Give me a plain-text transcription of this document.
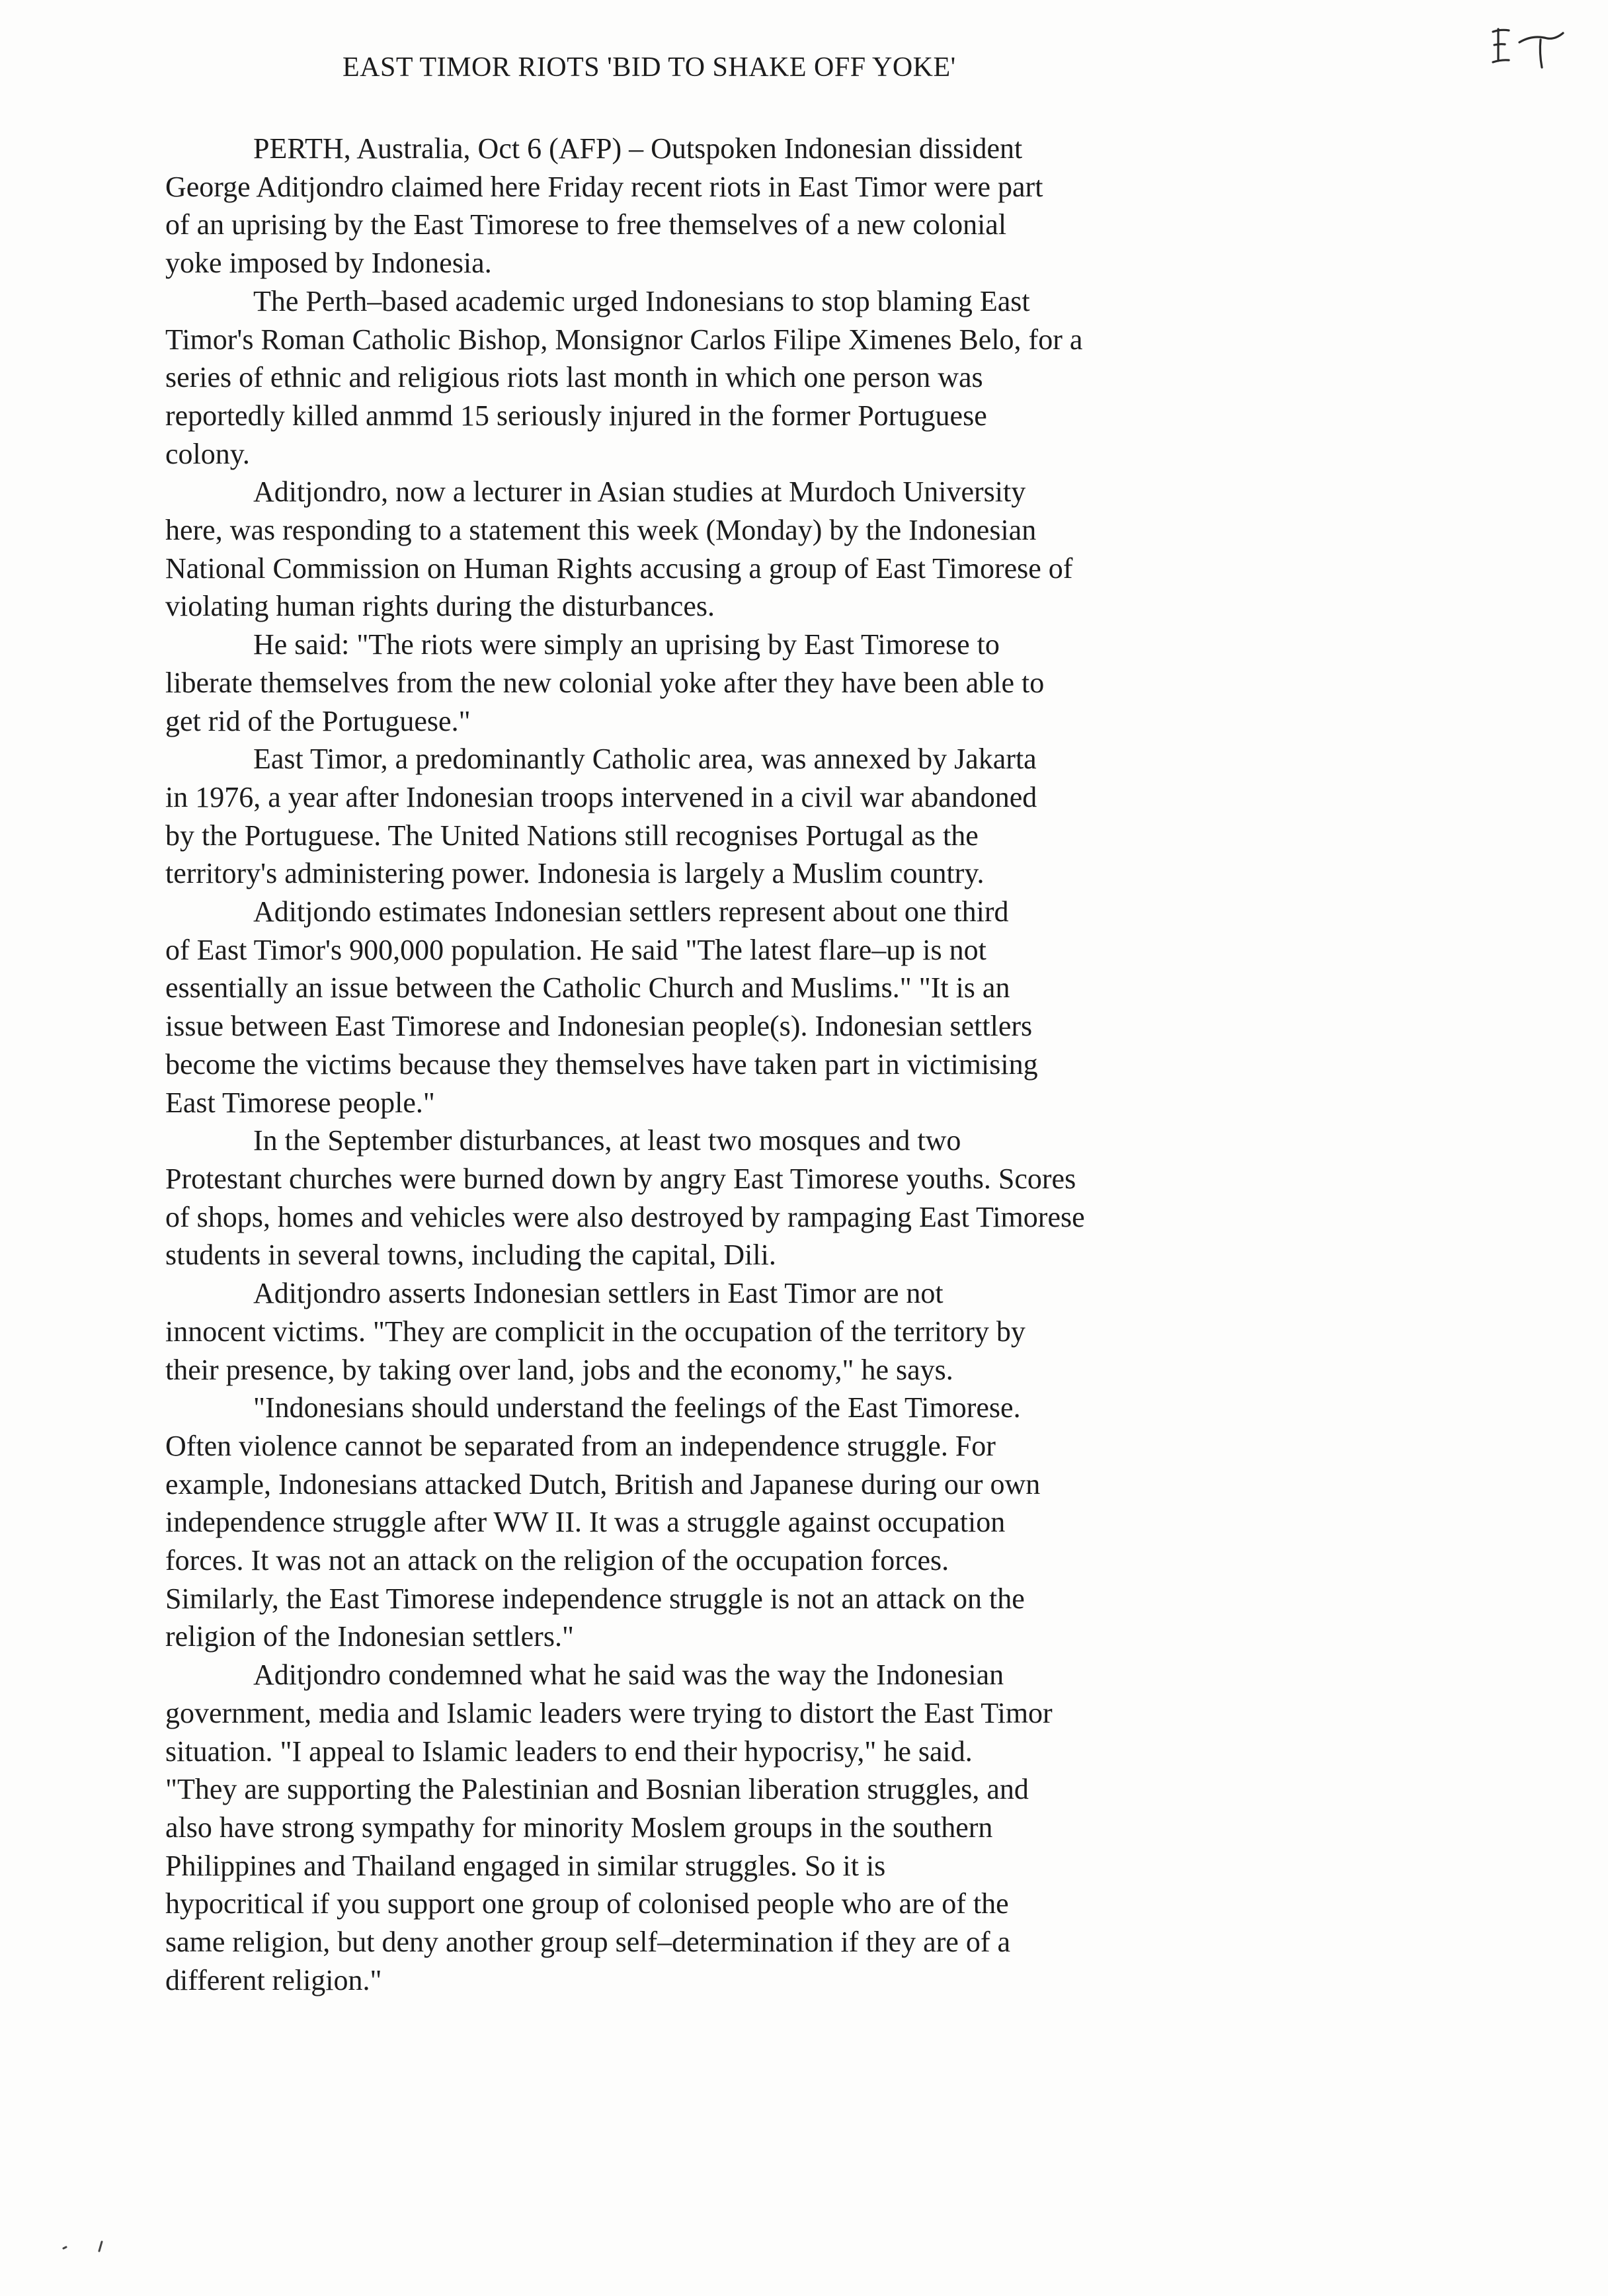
EAST TIMOR RIOTS 'BID TO SHAKE OFF YOKE'

PERTH, Australia, Oct 6 (AFP) – Outspoken Indonesian dissident
George Aditjondro claimed here Friday recent riots in East Timor were part
of an uprising by the East Timorese to free themselves of a new colonial
yoke imposed by Indonesia.

The Perth–based academic urged Indonesians to stop blaming East
Timor's Roman Catholic Bishop, Monsignor Carlos Filipe Ximenes Belo, for a
series of ethnic and religious riots last month in which one person was
reportedly killed anmmd 15 seriously injured in the former Portuguese
colony.

Aditjondro, now a lecturer in Asian studies at Murdoch University
here, was responding to a statement this week (Monday) by the Indonesian
National Commission on Human Rights accusing a group of East Timorese of
violating human rights during the disturbances.

He said: "The riots were simply an uprising by East Timorese to
liberate themselves from the new colonial yoke after they have been able to
get rid of the Portuguese."

East Timor, a predominantly Catholic area, was annexed by Jakarta
in 1976, a year after Indonesian troops intervened in a civil war abandoned
by the Portuguese. The United Nations still recognises Portugal as the
territory's administering power. Indonesia is largely a Muslim country.

Aditjondo estimates Indonesian settlers represent about one third
of East Timor's 900,000 population. He said "The latest flare–up is not
essentially an issue between the Catholic Church and Muslims." "It is an
issue between East Timorese and Indonesian people(s). Indonesian settlers
become the victims because they themselves have taken part in victimising
East Timorese people."

In the September disturbances, at least two mosques and two
Protestant churches were burned down by angry East Timorese youths. Scores
of shops, homes and vehicles were also destroyed by rampaging East Timorese
students in several towns, including the capital, Dili.

Aditjondro asserts Indonesian settlers in East Timor are not
innocent victims. "They are complicit in the occupation of the territory by
their presence, by taking over land, jobs and the economy," he says.

"Indonesians should understand the feelings of the East Timorese.
Often violence cannot be separated from an independence struggle. For
example, Indonesians attacked Dutch, British and Japanese during our own
independence struggle after WW II. It was a struggle against occupation
forces. It was not an attack on the religion of the occupation forces.
Similarly, the East Timorese independence struggle is not an attack on the
religion of the Indonesian settlers."

Aditjondro condemned what he said was the way the Indonesian
government, media and Islamic leaders were trying to distort the East Timor
situation. "I appeal to Islamic leaders to end their hypocrisy," he said.
"They are supporting the Palestinian and Bosnian liberation struggles, and
also have strong sympathy for minority Moslem groups in the southern
Philippines and Thailand engaged in similar struggles. So it is
hypocritical if you support one group of colonised people who are of the
same religion, but deny another group self–determination if they are of a
different religion."
